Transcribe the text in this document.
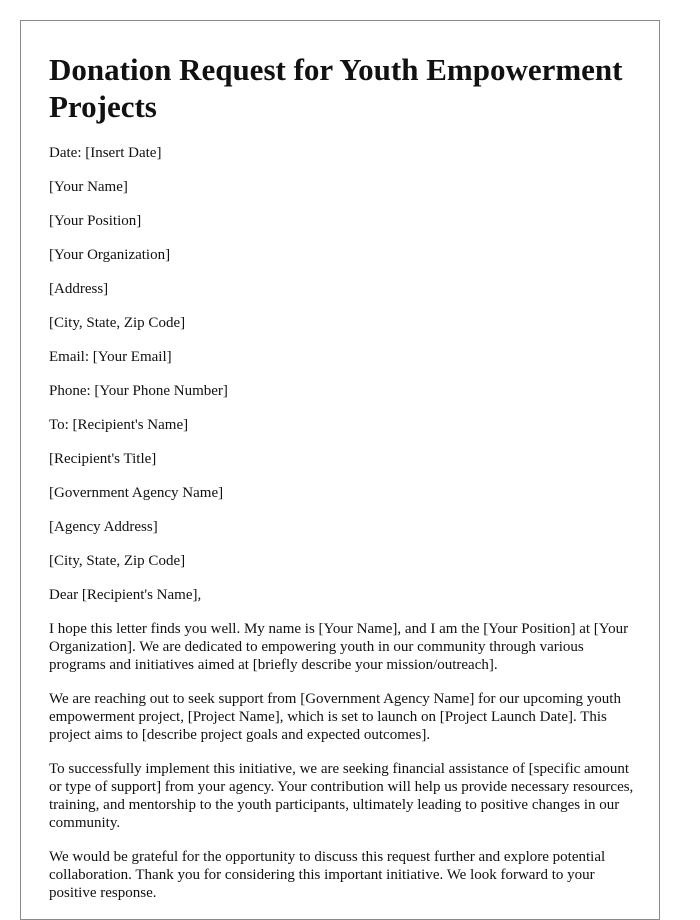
Donation Request for Youth Empowerment Projects

Date: [Insert Date]

[Your Name]

[Your Position]

[Your Organization]

[Address]

[City, State, Zip Code]

Email: [Your Email]

Phone: [Your Phone Number]

To: [Recipient's Name]

[Recipient's Title]

[Government Agency Name]

[Agency Address]

[City, State, Zip Code]

Dear [Recipient's Name],

I hope this letter finds you well. My name is [Your Name], and I am the [Your Position] at [Your Organization]. We are dedicated to empowering youth in our community through various programs and initiatives aimed at [briefly describe your mission/outreach].

We are reaching out to seek support from [Government Agency Name] for our upcoming youth empowerment project, [Project Name], which is set to launch on [Project Launch Date]. This project aims to [describe project goals and expected outcomes].

To successfully implement this initiative, we are seeking financial assistance of [specific amount or type of support] from your agency. Your contribution will help us provide necessary resources, training, and mentorship to the youth participants, ultimately leading to positive changes in our community.

We would be grateful for the opportunity to discuss this request further and explore potential collaboration. Thank you for considering this important initiative. We look forward to your positive response.
